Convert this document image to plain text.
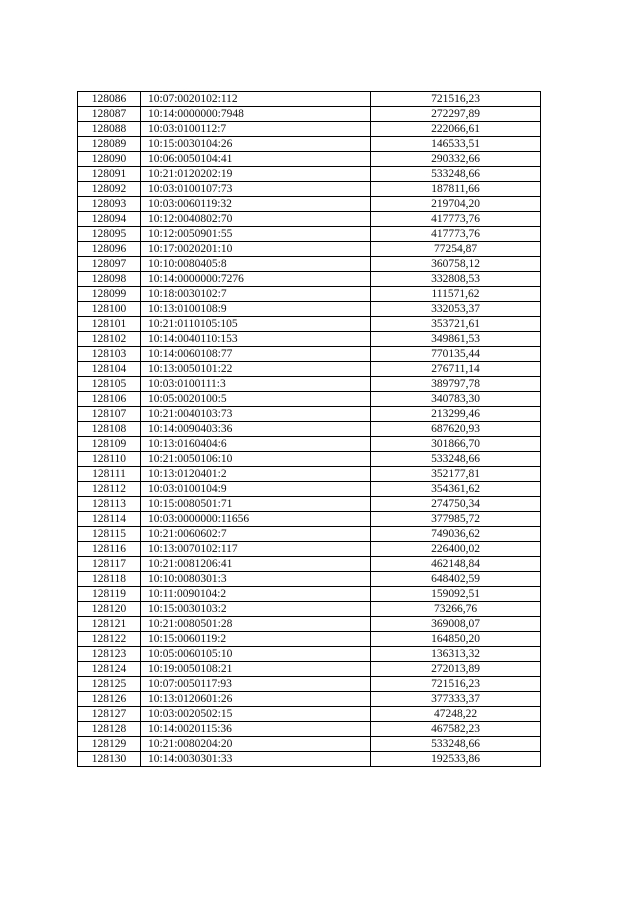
128086	10:07:0020102:112	721516,23
128087	10:14:0000000:7948	272297,89
128088	10:03:0100112:7	222066,61
128089	10:15:0030104:26	146533,51
128090	10:06:0050104:41	290332,66
128091	10:21:0120202:19	533248,66
128092	10:03:0100107:73	187811,66
128093	10:03:0060119:32	219704,20
128094	10:12:0040802:70	417773,76
128095	10:12:0050901:55	417773,76
128096	10:17:0020201:10	77254,87
128097	10:10:0080405:8	360758,12
128098	10:14:0000000:7276	332808,53
128099	10:18:0030102:7	111571,62
128100	10:13:0100108:9	332053,37
128101	10:21:0110105:105	353721,61
128102	10:14:0040110:153	349861,53
128103	10:14:0060108:77	770135,44
128104	10:13:0050101:22	276711,14
128105	10:03:0100111:3	389797,78
128106	10:05:0020100:5	340783,30
128107	10:21:0040103:73	213299,46
128108	10:14:0090403:36	687620,93
128109	10:13:0160404:6	301866,70
128110	10:21:0050106:10	533248,66
128111	10:13:0120401:2	352177,81
128112	10:03:0100104:9	354361,62
128113	10:15:0080501:71	274750,34
128114	10:03:0000000:11656	377985,72
128115	10:21:0060602:7	749036,62
128116	10:13:0070102:117	226400,02
128117	10:21:0081206:41	462148,84
128118	10:10:0080301:3	648402,59
128119	10:11:0090104:2	159092,51
128120	10:15:0030103:2	73266,76
128121	10:21:0080501:28	369008,07
128122	10:15:0060119:2	164850,20
128123	10:05:0060105:10	136313,32
128124	10:19:0050108:21	272013,89
128125	10:07:0050117:93	721516,23
128126	10:13:0120601:26	377333,37
128127	10:03:0020502:15	47248,22
128128	10:14:0020115:36	467582,23
128129	10:21:0080204:20	533248,66
128130	10:14:0030301:33	192533,86
